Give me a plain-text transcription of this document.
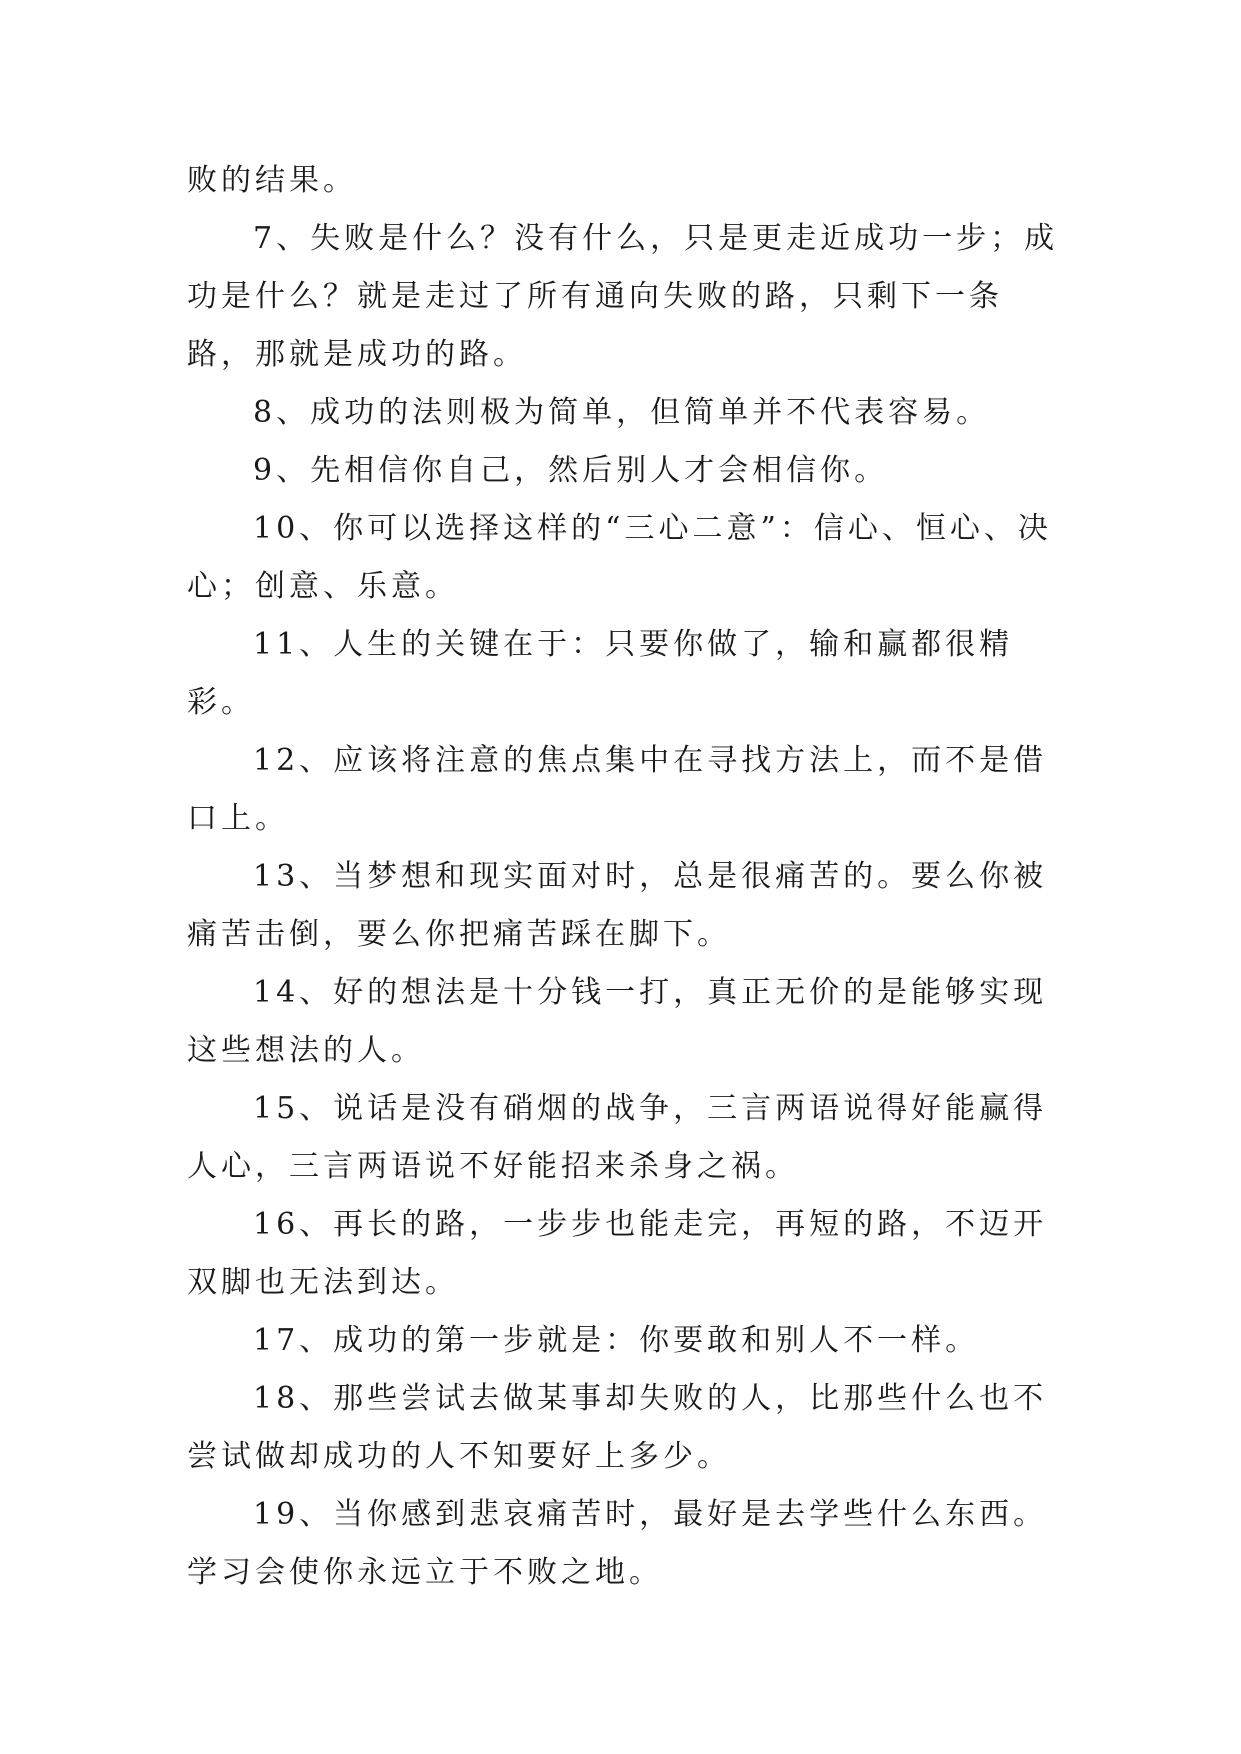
败的结果。

7、失败是什么？没有什么，只是更走近成功一步；成功是什么？就是走过了所有通向失败的路，只剩下一条路，那就是成功的路。

8、成功的法则极为简单，但简单并不代表容易。

9、先相信你自己，然后别人才会相信你。

10、你可以选择这样的“三心二意”：信心、恒心、决心；创意、乐意。

11、人生的关键在于：只要你做了，输和赢都很精彩。

12、应该将注意的焦点集中在寻找方法上，而不是借口上。

13、当梦想和现实面对时，总是很痛苦的。要么你被痛苦击倒，要么你把痛苦踩在脚下。

14、好的想法是十分钱一打，真正无价的是能够实现这些想法的人。

15、说话是没有硝烟的战争，三言两语说得好能赢得人心，三言两语说不好能招来杀身之祸。

16、再长的路，一步步也能走完，再短的路，不迈开双脚也无法到达。

17、成功的第一步就是：你要敢和别人不一样。

18、那些尝试去做某事却失败的人，比那些什么也不尝试做却成功的人不知要好上多少。

19、当你感到悲哀痛苦时，最好是去学些什么东西。学习会使你永远立于不败之地。
